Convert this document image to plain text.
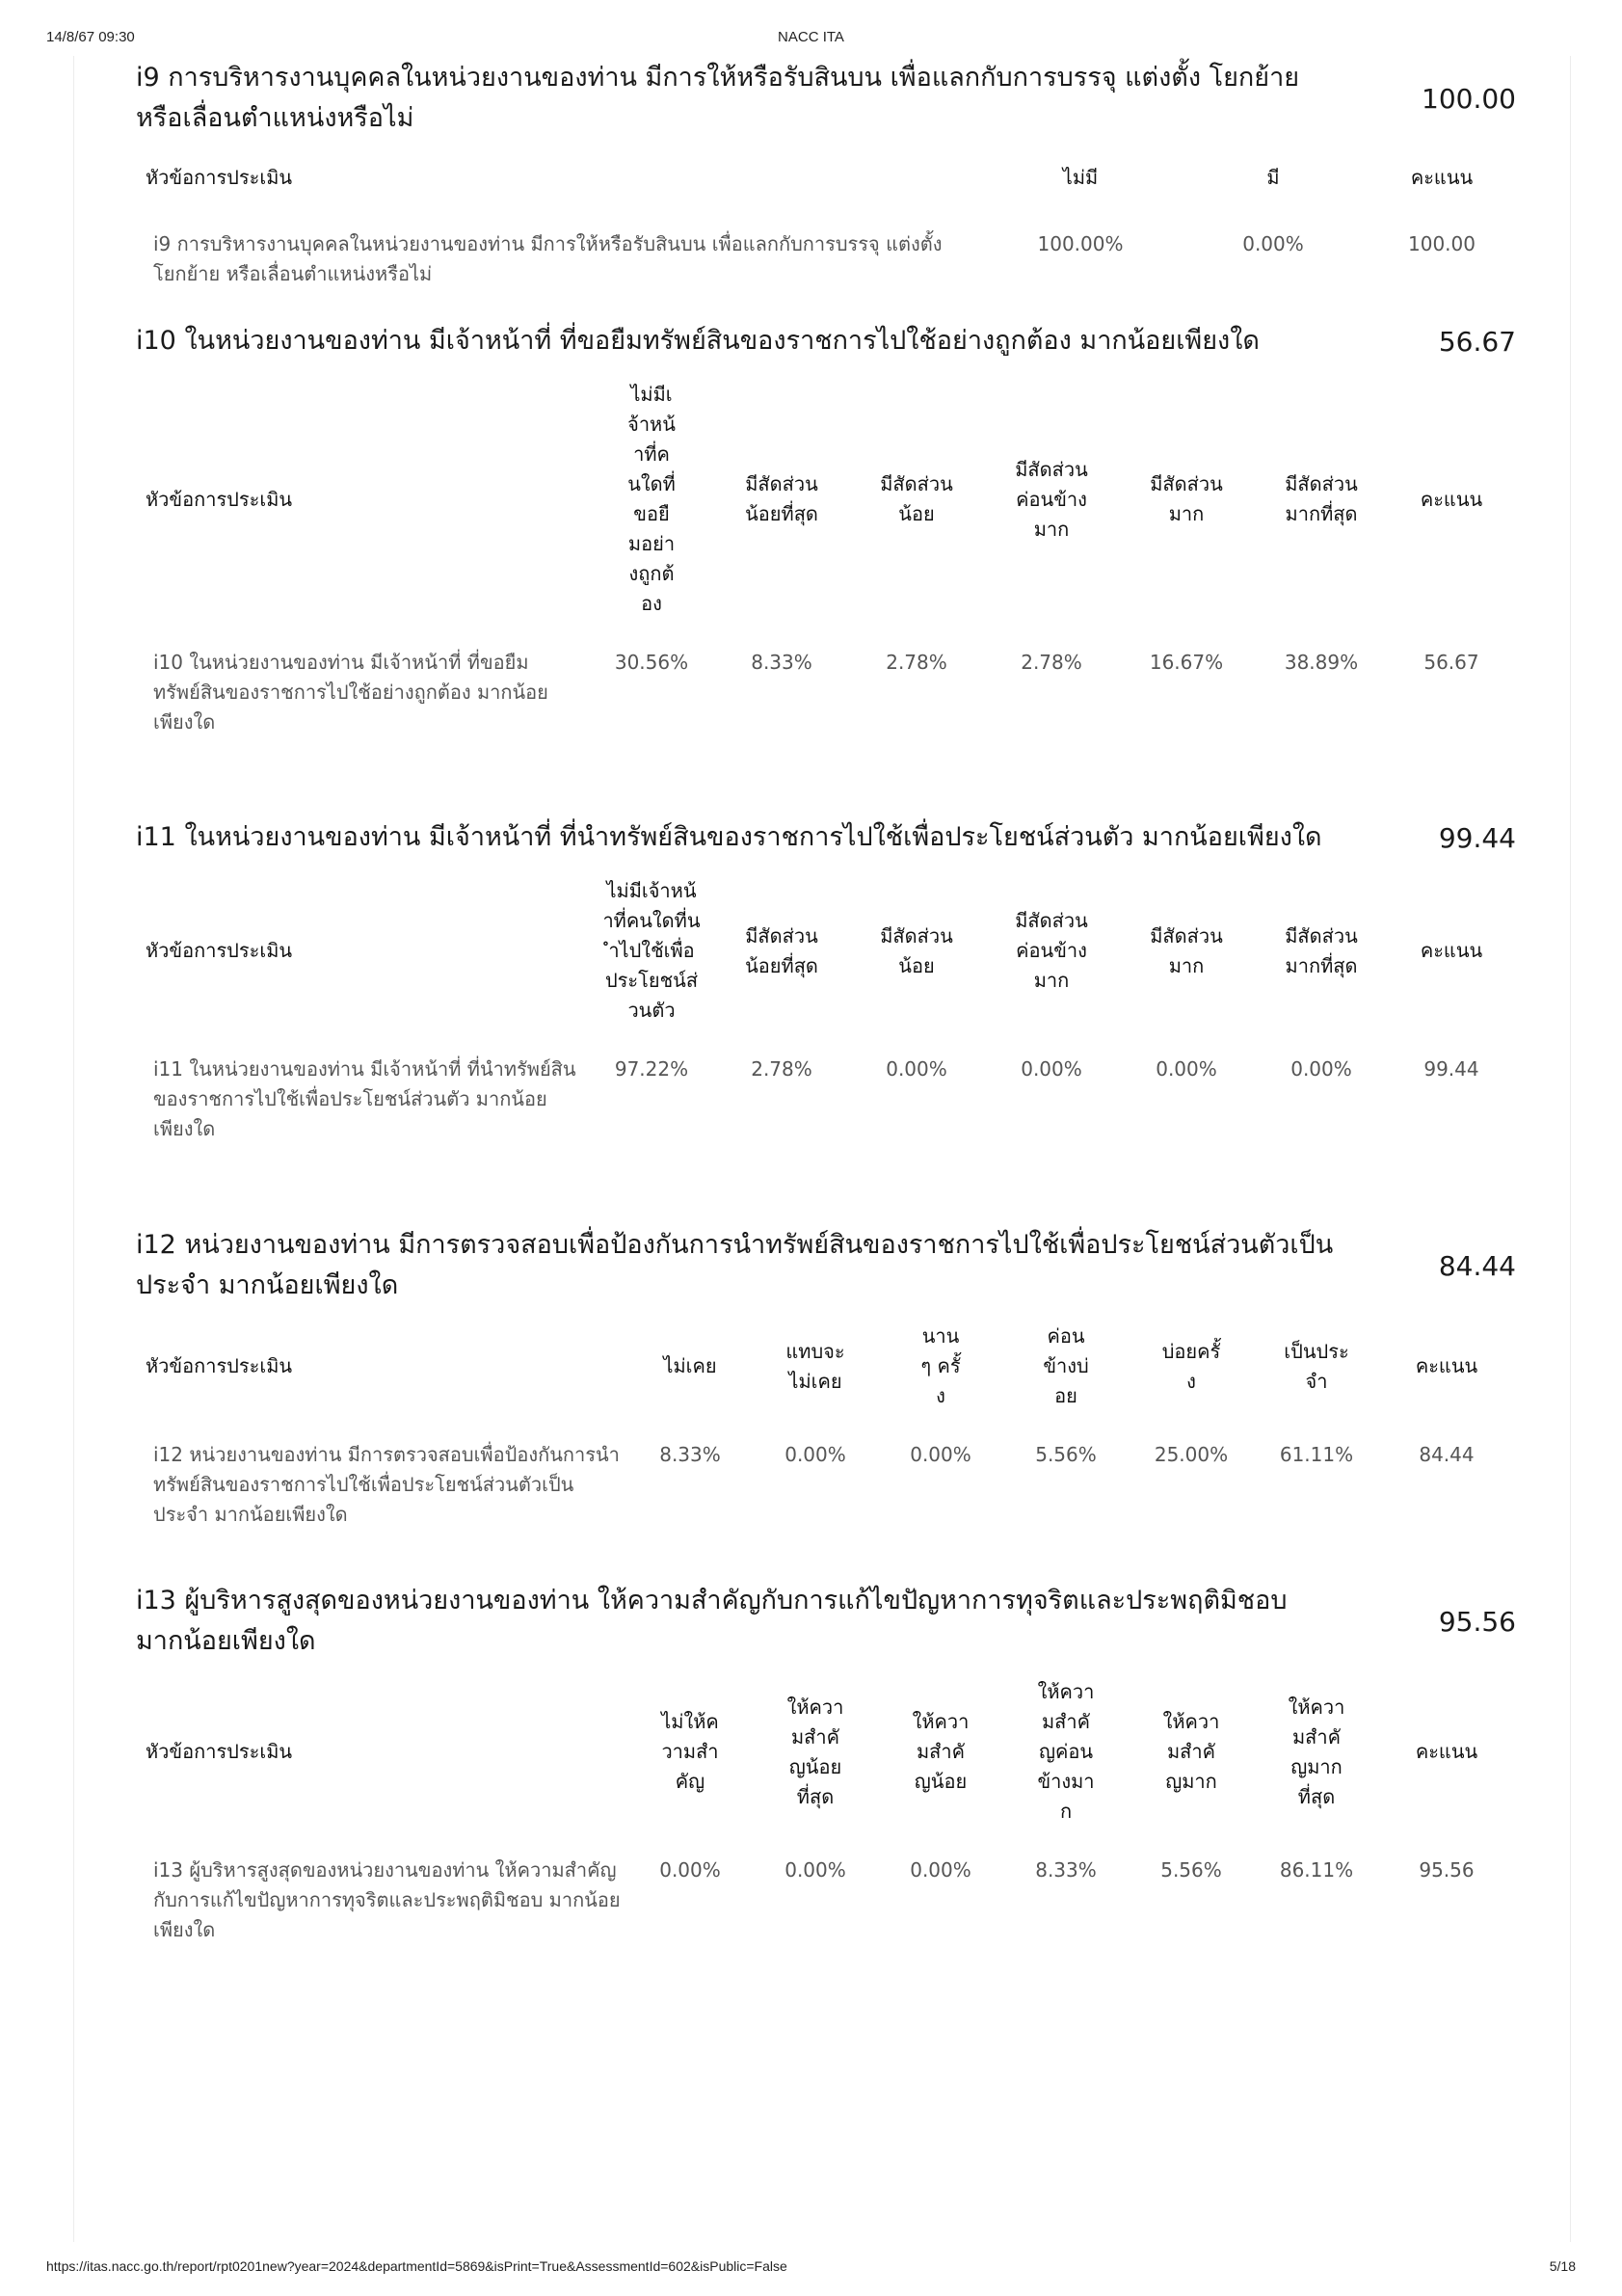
14/8/67 09:30	NACC ITA
i9 การบริหารงานบุคคลในหน่วยงานของท่าน มีการให้หรือรับสินบน เพื่อแลกกับการบรรจุ แต่งตั้ง โยกย้าย หรือเลื่อนตำแหน่งหรือไม่
100.00
หัวข้อการประเมิน	ไม่มี	มี	คะแนน
i9 การบริหารงานบุคคลในหน่วยงานของท่าน มีการให้หรือรับสินบน เพื่อแลกกับการบรรจุ แต่งตั้ง โยกย้าย หรือเลื่อนตำแหน่งหรือไม่	100.00%	0.00%	100.00
i10 ในหน่วยงานของท่าน มีเจ้าหน้าที่ ที่ขอยืมทรัพย์สินของราชการไปใช้อย่างถูกต้อง มากน้อยเพียงใด	56.67
หัวข้อการประเมิน	ไม่มีเจ้าหน้าที่คนใดที่ขอยืมอย่างถูกต้อง	มีสัดส่วนน้อยที่สุด	มีสัดส่วนน้อย	มีสัดส่วนค่อนข้างมาก	มีสัดส่วนมาก	มีสัดส่วนมากที่สุด	คะแนน
i10 ในหน่วยงานของท่าน มีเจ้าหน้าที่ ที่ขอยืมทรัพย์สินของราชการไปใช้อย่างถูกต้อง มากน้อยเพียงใด	30.56%	8.33%	2.78%	2.78%	16.67%	38.89%	56.67
i11 ในหน่วยงานของท่าน มีเจ้าหน้าที่ ที่นำทรัพย์สินของราชการไปใช้เพื่อประโยชน์ส่วนตัว มากน้อยเพียงใด	99.44
หัวข้อการประเมิน	ไม่มีเจ้าหน้าที่คนใดที่นำไปใช้เพื่อประโยชน์ส่วนตัว	มีสัดส่วนน้อยที่สุด	มีสัดส่วนน้อย	มีสัดส่วนค่อนข้างมาก	มีสัดส่วนมาก	มีสัดส่วนมากที่สุด	คะแนน
i11 ในหน่วยงานของท่าน มีเจ้าหน้าที่ ที่นำทรัพย์สินของราชการไปใช้เพื่อประโยชน์ส่วนตัว มากน้อยเพียงใด	97.22%	2.78%	0.00%	0.00%	0.00%	0.00%	99.44
i12 หน่วยงานของท่าน มีการตรวจสอบเพื่อป้องกันการนำทรัพย์สินของราชการไปใช้เพื่อประโยชน์ส่วนตัวเป็นประจำ มากน้อยเพียงใด
84.44
หัวข้อการประเมิน	ไม่เคย	แทบจะไม่เคย	นาน ๆ ครั้ง	ค่อนข้างบ่อย	บ่อยครั้ง	เป็นประจำ	คะแนน
i12 หน่วยงานของท่าน มีการตรวจสอบเพื่อป้องกันการนำทรัพย์สินของราชการไปใช้เพื่อประโยชน์ส่วนตัวเป็นประจำ มากน้อยเพียงใด	8.33%	0.00%	0.00%	5.56%	25.00%	61.11%	84.44
i13 ผู้บริหารสูงสุดของหน่วยงานของท่าน ให้ความสำคัญกับการแก้ไขปัญหาการทุจริตและประพฤติมิชอบ มากน้อยเพียงใด
95.56
หัวข้อการประเมิน	ไม่ให้ความสำคัญ	ให้ความสำคัญน้อยที่สุด	ให้ความสำคัญน้อย	ให้ความสำคัญค่อนข้างมาก	ให้ความสำคัญมาก	ให้ความสำคัญมากที่สุด	คะแนน
i13 ผู้บริหารสูงสุดของหน่วยงานของท่าน ให้ความสำคัญกับการแก้ไขปัญหาการทุจริตและประพฤติมิชอบ มากน้อยเพียงใด	0.00%	0.00%	0.00%	8.33%	5.56%	86.11%	95.56
https://itas.nacc.go.th/report/rpt0201new?year=2024&departmentId=5869&isPrint=True&AssessmentId=602&isPublic=False	5/18
